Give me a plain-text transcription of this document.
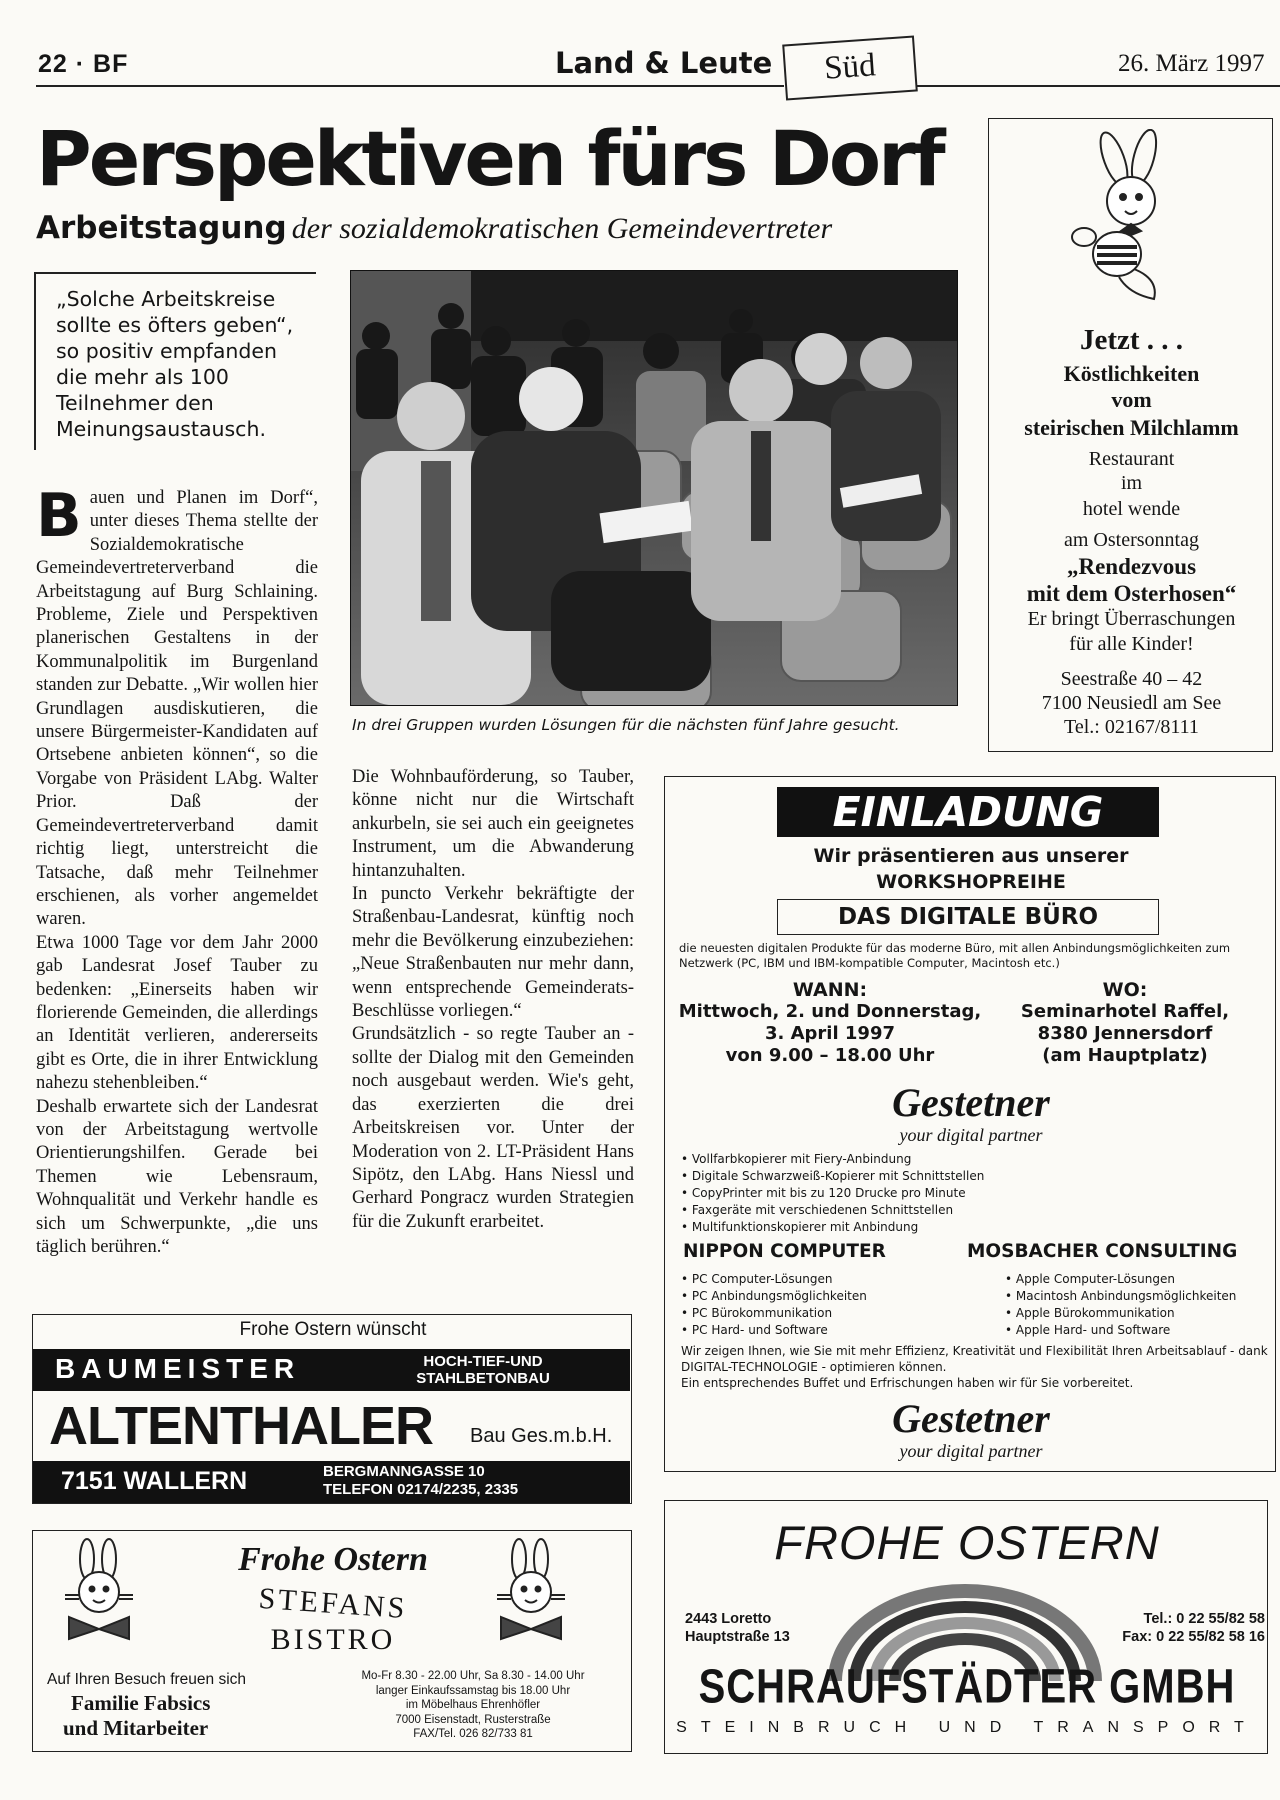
22 · BF	Land & Leute	Süd	26. März 1997
Perspektiven fürs Dorf
Arbeitstagung der sozialdemokratischen Gemeindevertreter
„Solche Arbeitskreise sollte es öfters geben“, so positiv empfanden die mehr als 100 Teilnehmer den Meinungsaustausch.
In drei Gruppen wurden Lösungen für die nächsten fünf Jahre gesucht.

Bauen und Planen im Dorf“, unter dieses Thema stellte der Sozialdemokratische Gemeindevertreterverband die Arbeitstagung auf Burg Schlaining. Probleme, Ziele und Perspektiven planerischen Gestaltens in der Kommunalpolitik im Burgenland standen zur Debatte. „Wir wollen hier Grundlagen ausdiskutieren, die unsere Bürgermeister-Kandidaten auf Ortsebene anbieten können“, so die Vorgabe von Präsident LAbg. Walter Prior. Daß der Gemeindevertreterverband damit richtig liegt, unterstreicht die Tatsache, daß mehr Teilnehmer erschienen, als vorher angemeldet waren.

Etwa 1000 Tage vor dem Jahr 2000 gab Landesrat Josef Tauber zu bedenken: „Einerseits haben wir florierende Gemeinden, die allerdings an Identität verlieren, andererseits gibt es Orte, die in ihrer Entwicklung nahezu stehenbleiben.“

Deshalb erwartete sich der Landesrat von der Arbeitstagung wertvolle Orientierungshilfen. Gerade bei Themen wie Lebensraum, Wohnqualität und Verkehr handle es sich um Schwerpunkte, „die uns täglich berühren.“

Die Wohnbauförderung, so Tauber, könne nicht nur die Wirtschaft ankurbeln, sie sei auch ein geeignetes Instrument, um die Abwanderung hintanzuhalten.

In puncto Verkehr bekräftigte der Straßenbau-Landesrat, künftig noch mehr die Bevölkerung einzubeziehen: „Neue Straßenbauten nur mehr dann, wenn entsprechende Gemeinderats-Beschlüsse vorliegen.“

Grundsätzlich - so regte Tauber an - sollte der Dialog mit den Gemeinden noch ausgebaut werden. Wie's geht, das exerzierten die drei Arbeitskreisen vor. Unter der Moderation von 2. LT-Präsident Hans Sipötz, den LAbg. Hans Niessl und Gerhard Pongracz wurden Strategien für die Zukunft erarbeitet.

Jetzt . . .
Köstlichkeiten
vom
steirischen Milchlamm
Restaurant
im
hotel wende
am Ostersonntag
„Rendezvous
mit dem Osterhosen“
Er bringt Überraschungen
für alle Kinder!
Seestraße 40 – 42
7100 Neusiedl am See
Tel.: 02167/8111
EINLADUNG
Wir präsentieren aus unserer
WORKSHOPREIHE
DAS DIGITALE BÜRO
die neuesten digitalen Produkte für das moderne Büro, mit allen Anbindungsmöglichkeiten zum Netzwerk (PC, IBM und IBM-kompatible Computer, Macintosh etc.)
WANN:
Mittwoch, 2. und Donnerstag,
3. April 1997
von 9.00 – 18.00 Uhr
WO:
Seminarhotel Raffel,
8380 Jennersdorf
(am Hauptplatz)
Gestetner
your digital partner
• Vollfarbkopierer mit Fiery-Anbindung
• Digitale Schwarzweiß-Kopierer mit Schnittstellen
• CopyPrinter mit bis zu 120 Drucke pro Minute
• Faxgeräte mit verschiedenen Schnittstellen
• Multifunktionskopierer mit Anbindung
NIPPON COMPUTER	MOSBACHER CONSULTING
• PC Computer-Lösungen
• PC Anbindungsmöglichkeiten
• PC Bürokommunikation
• PC Hard- und Software
• Apple Computer-Lösungen
• Macintosh Anbindungsmöglichkeiten
• Apple Bürokommunikation
• Apple Hard- und Software
Wir zeigen Ihnen, wie Sie mit mehr Effizienz, Kreativität und Flexibilität Ihren Arbeitsablauf - dank DIGITAL-TECHNOLOGIE - optimieren können.
Ein entsprechendes Buffet und Erfrischungen haben wir für Sie vorbereitet.
Gestetner
your digital partner
Frohe Ostern wünscht
BAUMEISTER	HOCH-TIEF-UND
STAHLBETONBAU
ALTENTHALER Bau Ges.m.b.H.
7151 WALLERN	BERGMANNGASSE 10
TELEFON 02174/2235, 2335
Frohe Ostern
STEFANS
BISTRO
Auf Ihren Besuch freuen sich
Familie Fabsics
und Mitarbeiter
Mo-Fr 8.30 - 22.00 Uhr, Sa 8.30 - 14.00 Uhr
langer Einkaufssamstag bis 18.00 Uhr
im Möbelhaus Ehrenhöfler
7000 Eisenstadt, Rusterstraße
FAX/Tel. 026 82/733 81
FROHE OSTERN
2443 Loretto
Hauptstraße 13
Tel.: 0 22 55/82 58
Fax: 0 22 55/82 58 16
SCHRAUFSTÄDTER GMBH
STEINBRUCH UND TRANSPORT
